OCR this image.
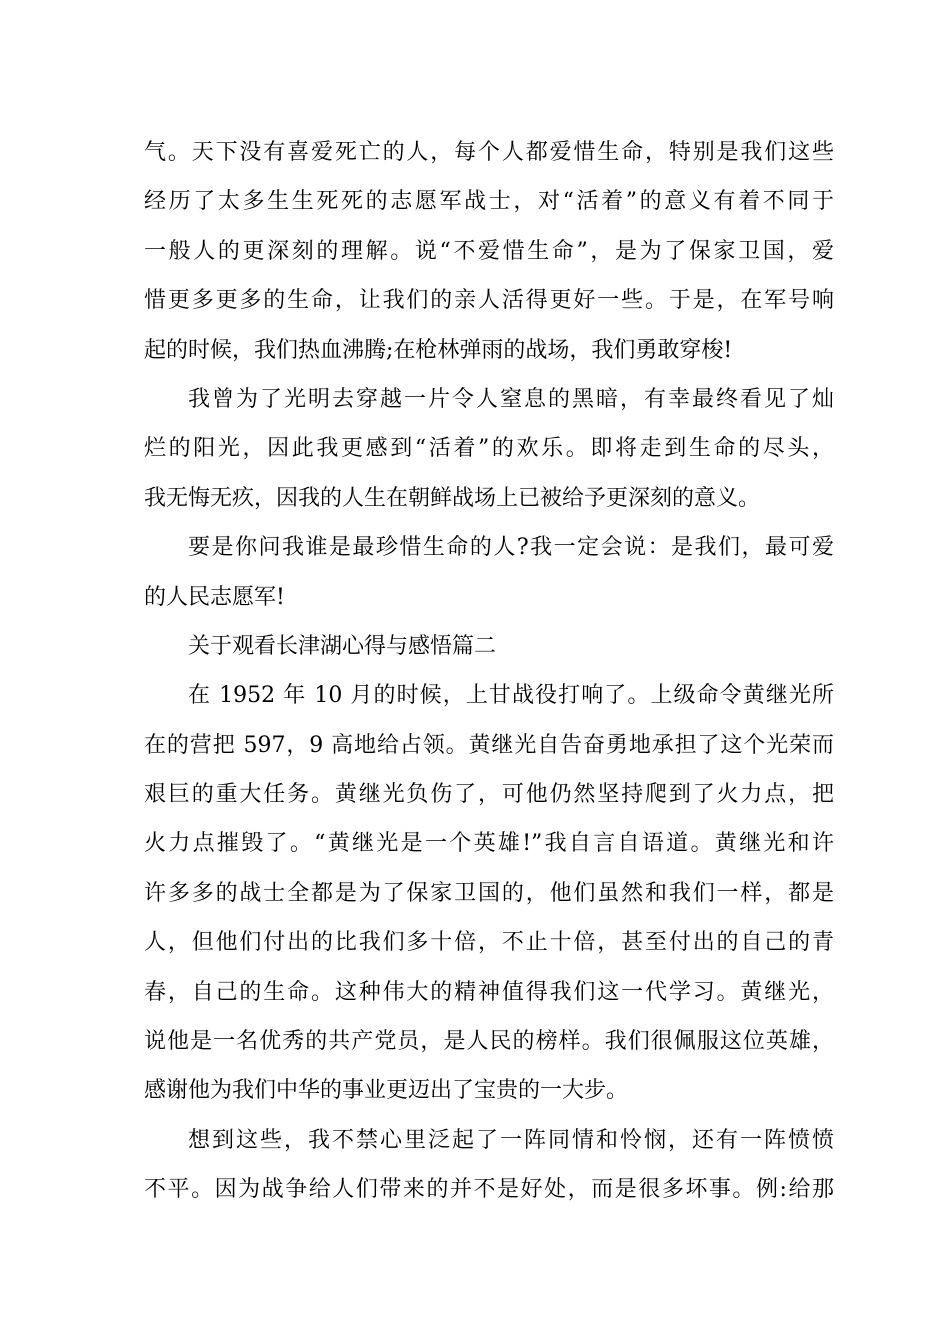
气。天下没有喜爱死亡的人，每个人都爱惜生命，特别是我们这些
经历了太多生生死死的志愿军战士，对“活着”的意义有着不同于
一般人的更深刻的理解。说“不爱惜生命”，是为了保家卫国，爱
惜更多更多的生命，让我们的亲人活得更好一些。于是，在军号响
起的时候，我们热血沸腾;在枪林弹雨的战场，我们勇敢穿梭!
我曾为了光明去穿越一片令人窒息的黑暗，有幸最终看见了灿
烂的阳光，因此我更感到“活着”的欢乐。即将走到生命的尽头，
我无悔无疚，因我的人生在朝鲜战场上已被给予更深刻的意义。
要是你问我谁是最珍惜生命的人?我一定会说：是我们，最可爱
的人民志愿军!
关于观看长津湖心得与感悟篇二
在 1952 年 10 月的时候，上甘战役打响了。上级命令黄继光所
在的营把 597，9 高地给占领。黄继光自告奋勇地承担了这个光荣而
艰巨的重大任务。黄继光负伤了，可他仍然坚持爬到了火力点，把
火力点摧毁了。“黄继光是一个英雄!”我自言自语道。黄继光和许
许多多的战士全都是为了保家卫国的，他们虽然和我们一样，都是
人，但他们付出的比我们多十倍，不止十倍，甚至付出的自己的青
春，自己的生命。这种伟大的精神值得我们这一代学习。黄继光，
说他是一名优秀的共产党员，是人民的榜样。我们很佩服这位英雄，
感谢他为我们中华的事业更迈出了宝贵的一大步。
想到这些，我不禁心里泛起了一阵同情和怜悯，还有一阵愤愤
不平。因为战争给人们带来的并不是好处，而是很多坏事。例:给那
